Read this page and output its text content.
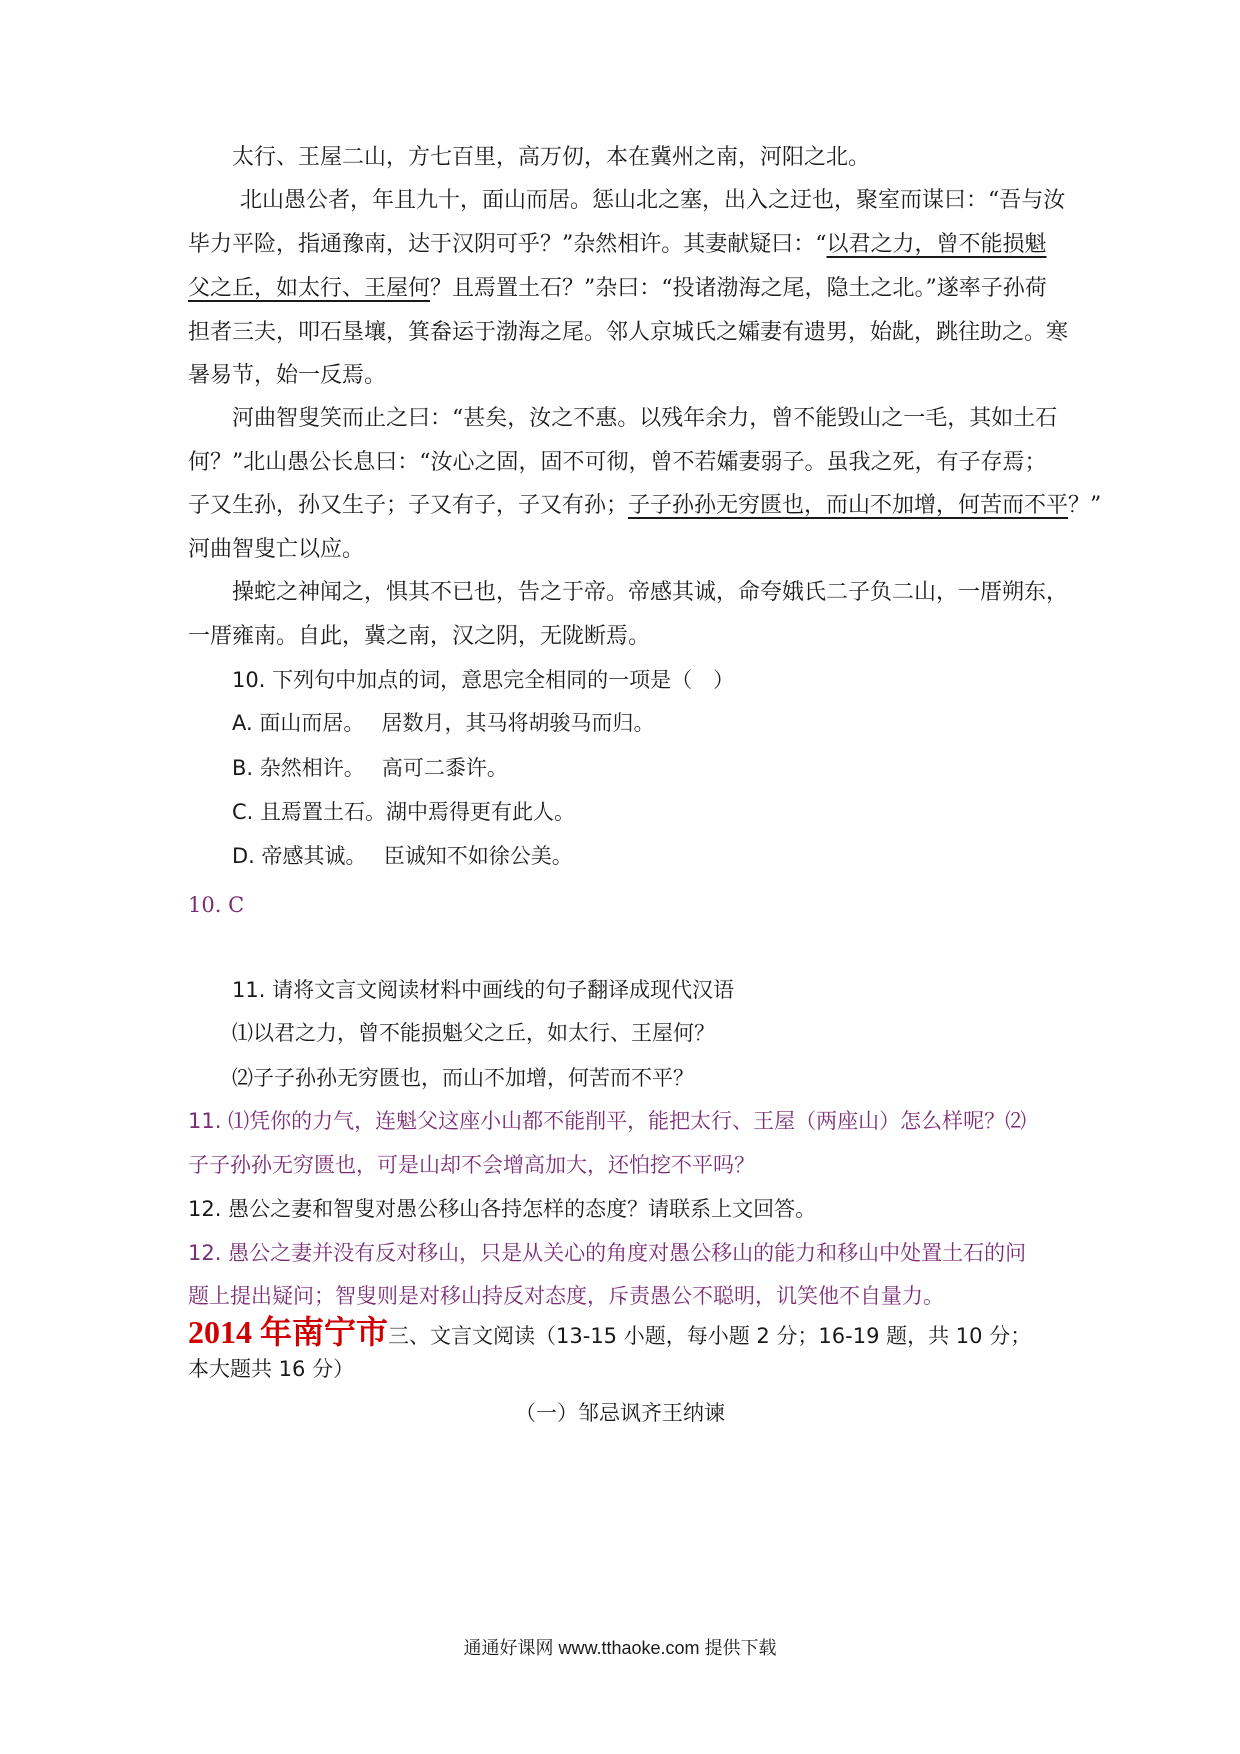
太行、王屋二山，方七百里，高万仞，本在冀州之南，河阳之北。
北山愚公者，年且九十，面山而居。惩山北之塞，出入之迂也，聚室而谋曰：“吾与汝
毕力平险，指通豫南，达于汉阴可乎？”杂然相许。其妻献疑曰：“以君之力，曾不能损魁
父之丘，如太行、王屋何？且焉置土石？”杂曰：“投诸渤海之尾，隐土之北。”遂率子孙荷
担者三夫，叩石垦壤，箕畚运于渤海之尾。邻人京城氏之孀妻有遗男，始龀，跳往助之。寒
暑易节，始一反焉。
河曲智叟笑而止之曰：“甚矣，汝之不惠。以残年余力，曾不能毁山之一毛，其如土石
何？”北山愚公长息曰：“汝心之固，固不可彻，曾不若孀妻弱子。虽我之死，有子存焉；
子又生孙，孙又生子；子又有子，子又有孙；子子孙孙无穷匮也，而山不加增，何苦而不平？”
河曲智叟亡以应。
操蛇之神闻之，惧其不已也，告之于帝。帝感其诚，命夸娥氏二子负二山，一厝朔东，
一厝雍南。自此，冀之南，汉之阴，无陇断焉。
10. 下列句中加点的词，意思完全相同的一项是（　）
A. 面山而居。　 居数月，其马将胡骏马而归。
B. 杂然相许。　 高可二黍许。
C. 且焉置土石。湖中焉得更有此人。
D. 帝感其诚。　 臣诚知不如徐公美。
10. C
11. 请将文言文阅读材料中画线的句子翻译成现代汉语
⑴以君之力，曾不能损魁父之丘，如太行、王屋何？
⑵子子孙孙无穷匮也，而山不加增，何苦而不平？
11. ⑴凭你的力气，连魁父这座小山都不能削平，能把太行、王屋（两座山）怎么样呢？⑵
子子孙孙无穷匮也，可是山却不会增高加大，还怕挖不平吗？
12. 愚公之妻和智叟对愚公移山各持怎样的态度？请联系上文回答。
12. 愚公之妻并没有反对移山，只是从关心的角度对愚公移山的能力和移山中处置土石的问
题上提出疑问；智叟则是对移山持反对态度，斥责愚公不聪明，讥笑他不自量力。
2014 年南宁市三、文言文阅读（13-15 小题，每小题 2 分；16-19 题，共 10 分；
本大题共 16 分）
（一）邹忌讽齐王纳谏
通通好课网 www.tthaoke.com 提供下载
